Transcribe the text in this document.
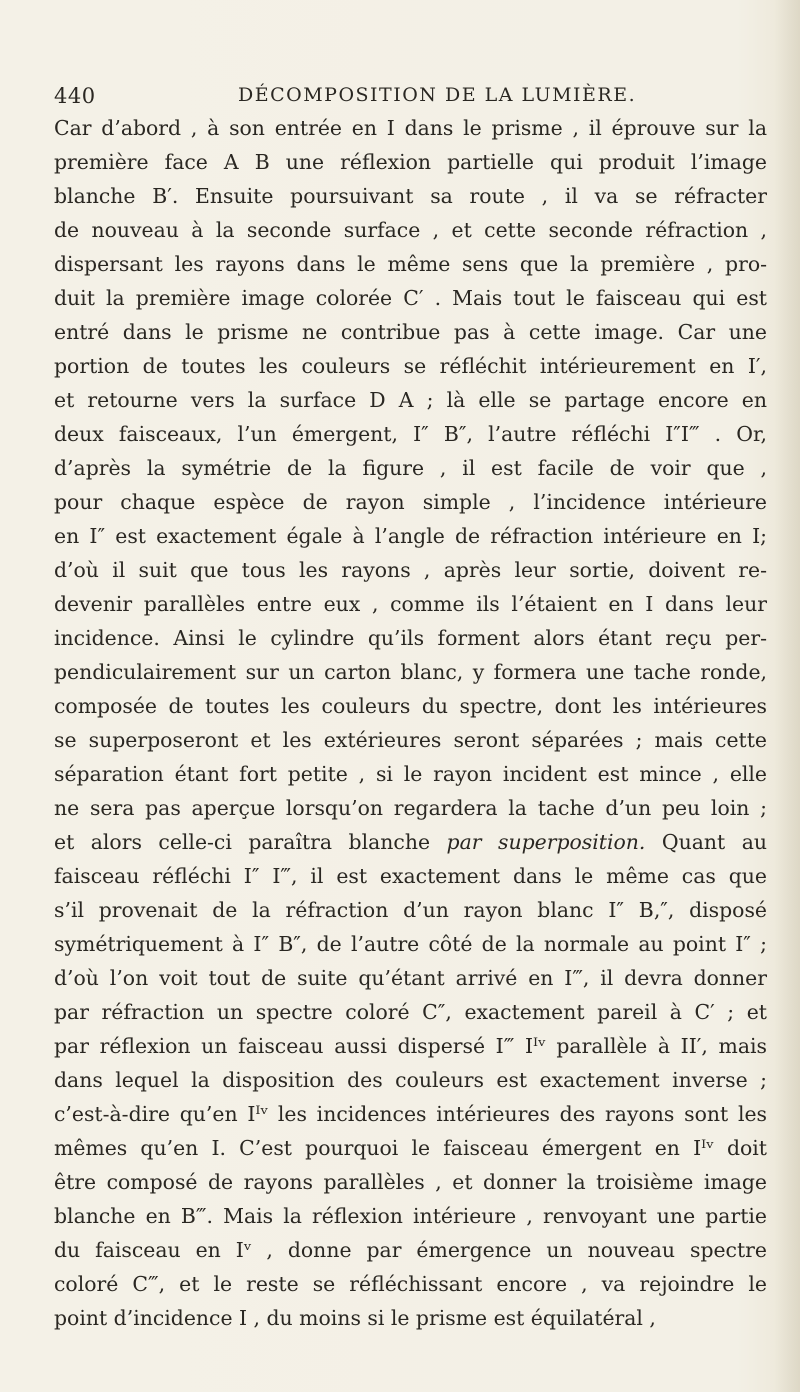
440	DÉCOMPOSITION DE LA LUMIÈRE.
Car d’abord , à son entrée en I dans le prisme , il éprouve sur la
première face A B une réflexion partielle qui produit l’image
blanche B′. Ensuite poursuivant sa route , il va se réfracter
de nouveau à la seconde surface , et cette seconde réfraction ,
dispersant les rayons dans le même sens que la première , pro-
duit la première image colorée C′ . Mais tout le faisceau qui est
entré dans le prisme ne contribue pas à cette image. Car une
portion de toutes les couleurs se réfléchit intérieurement en I′,
et retourne vers la surface D A ; là elle se partage encore en
deux faisceaux, l’un émergent, I″ B″, l’autre réfléchi I″I‴ . Or,
d’après la symétrie de la figure , il est facile de voir que ,
pour chaque espèce de rayon simple , l’incidence intérieure
en I″ est exactement égale à l’angle de réfraction intérieure en I;
d’où il suit que tous les rayons , après leur sortie, doivent re-
devenir parallèles entre eux , comme ils l’étaient en I dans leur
incidence. Ainsi le cylindre qu’ils forment alors étant reçu per-
pendiculairement sur un carton blanc, y formera une tache ronde,
composée de toutes les couleurs du spectre, dont les intérieures
se superposeront et les extérieures seront séparées ; mais cette
séparation étant fort petite , si le rayon incident est mince , elle
ne sera pas aperçue lorsqu’on regardera la tache d’un peu loin ;
et alors celle-ci paraîtra blanche par superposition. Quant au
faisceau réfléchi I″ I‴, il est exactement dans le même cas que
s’il provenait de la réfraction d’un rayon blanc I″ B‚″, disposé
symétriquement à I″ B″, de l’autre côté de la normale au point I″ ;
d’où l’on voit tout de suite qu’étant arrivé en I‴, il devra donner
par réfraction un spectre coloré C″, exactement pareil à C′ ; et
par réflexion un faisceau aussi dispersé I‴ Iᴵᵛ parallèle à II′, mais
dans lequel la disposition des couleurs est exactement inverse ;
c’est-à-dire qu’en Iᴵᵛ les incidences intérieures des rayons sont les
mêmes qu’en I. C’est pourquoi le faisceau émergent en Iᴵᵛ doit
être composé de rayons parallèles , et donner la troisième image
blanche en B‴. Mais la réflexion intérieure , renvoyant une partie
du faisceau en Iᵛ , donne par émergence un nouveau spectre
coloré C‴, et le reste se réfléchissant encore , va rejoindre le
point d’incidence I , du moins si le prisme est équilatéral ,
